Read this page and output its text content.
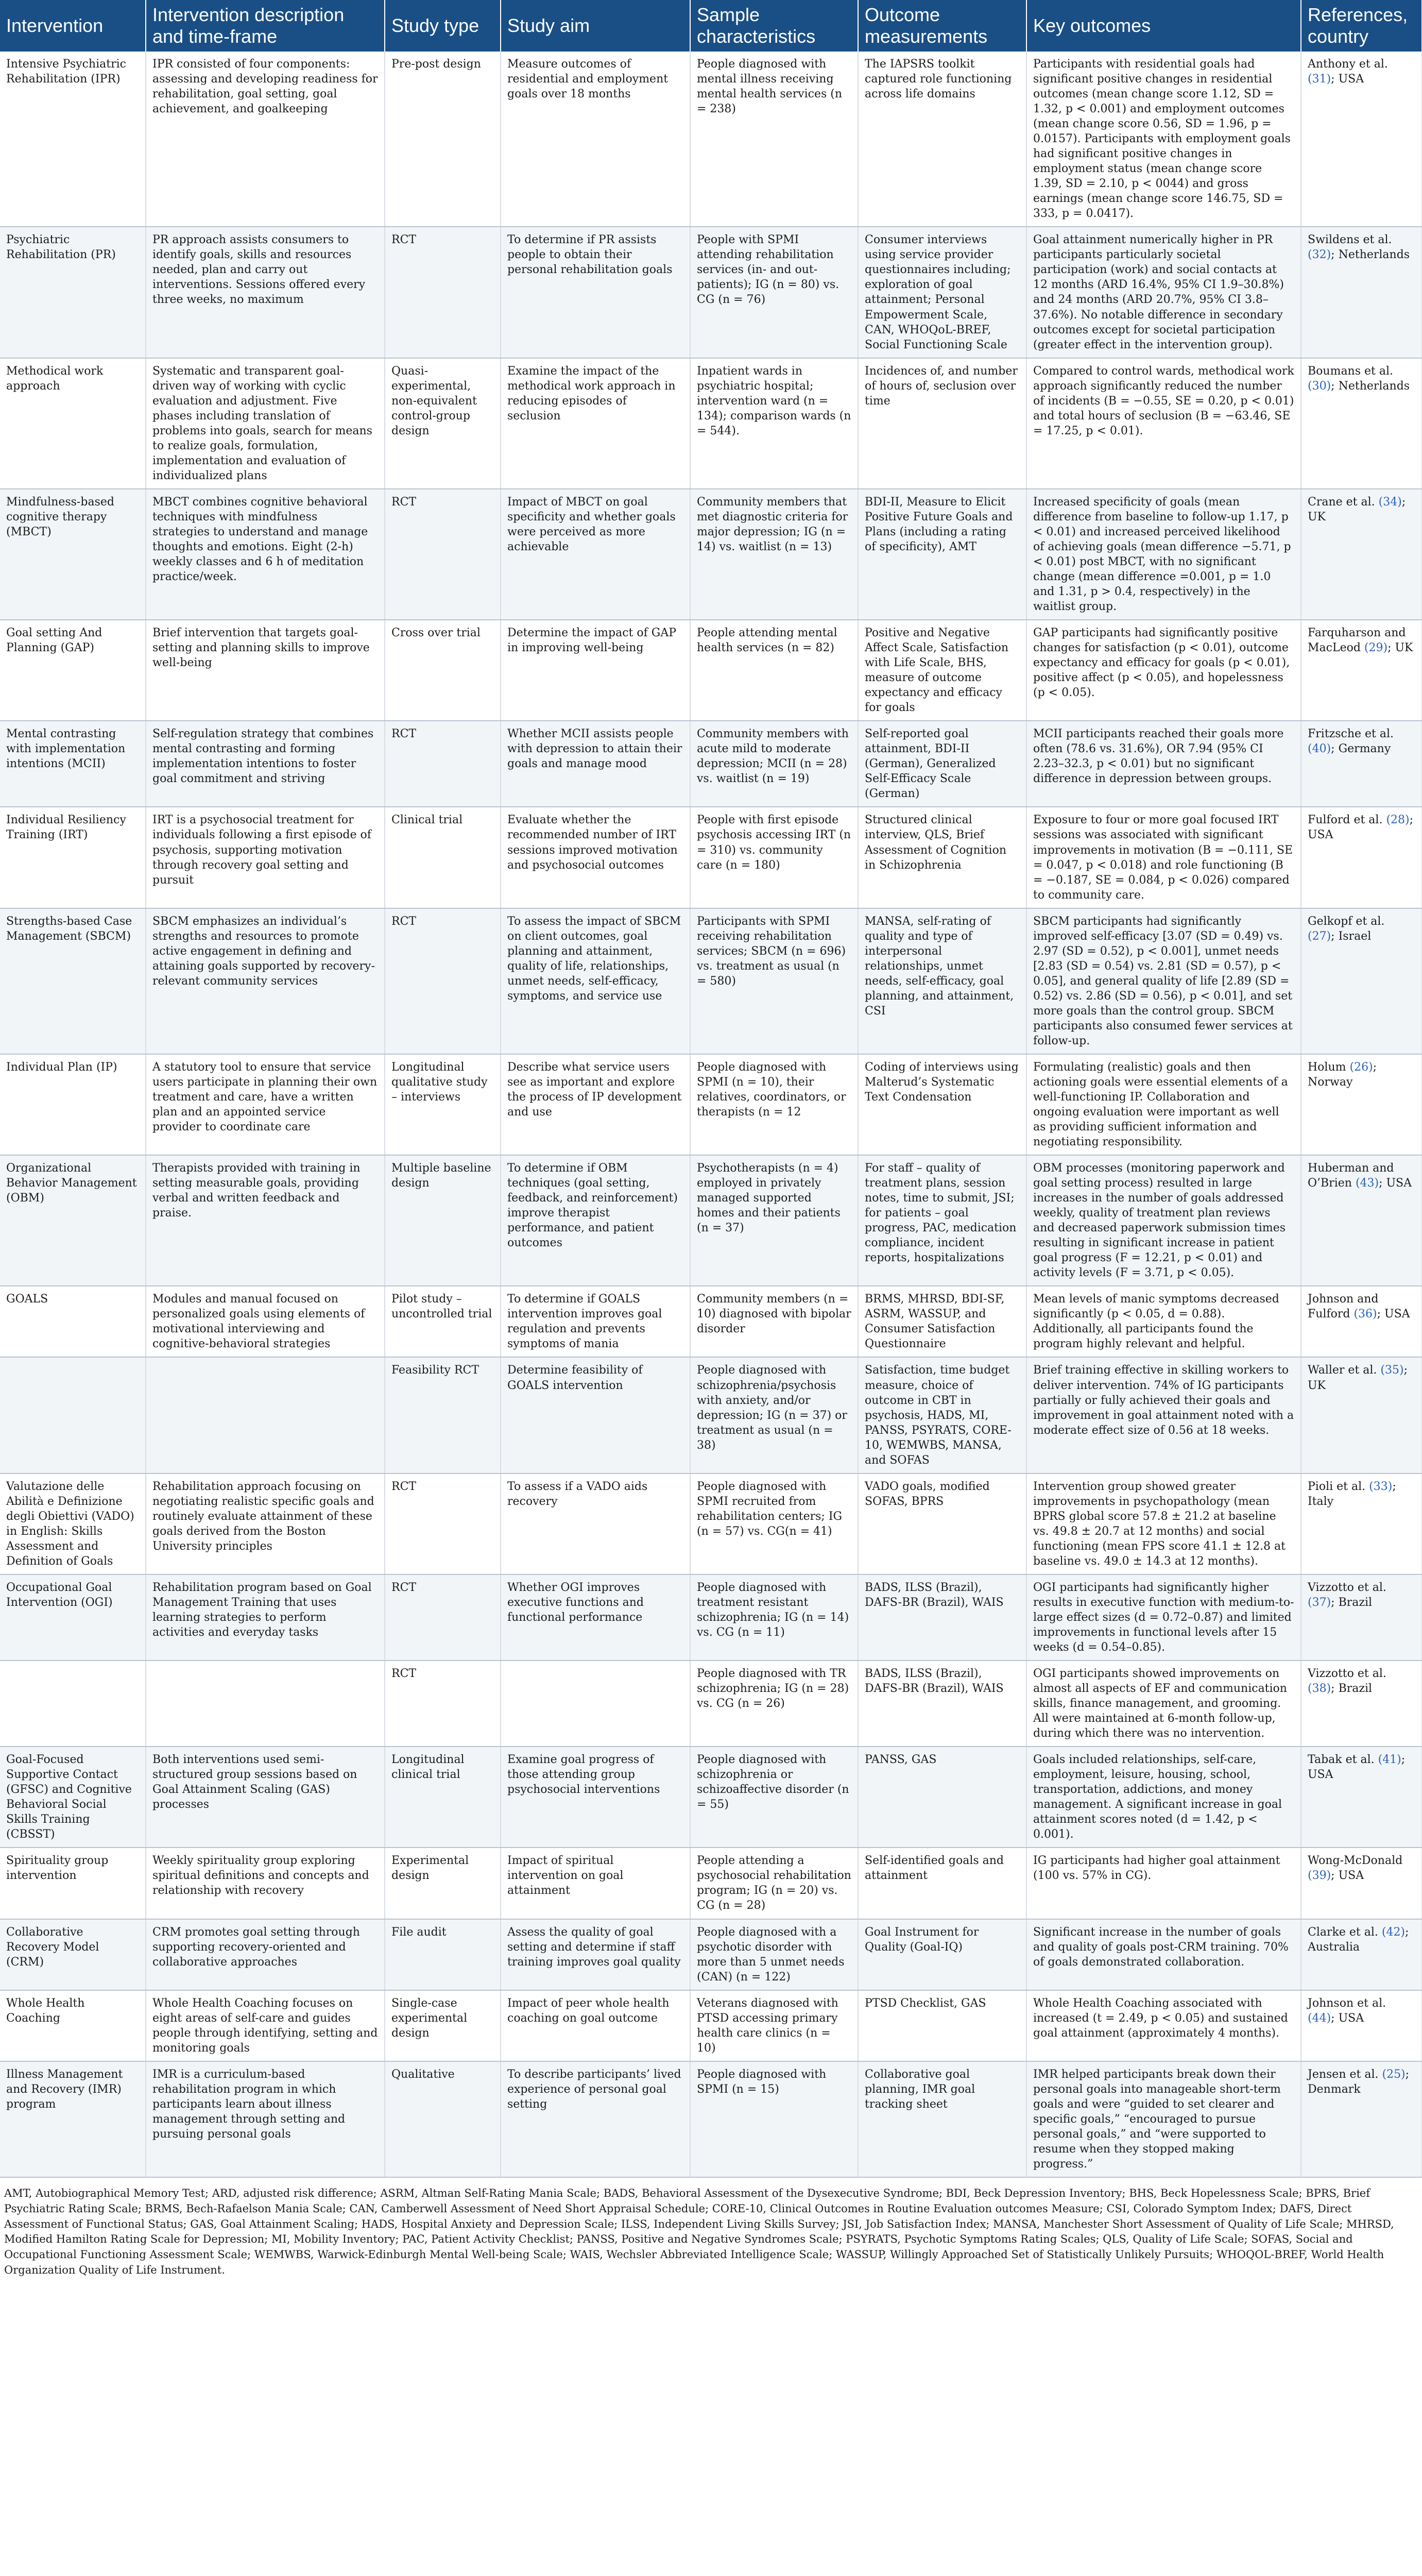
Intervention	Intervention description and time-frame	Study type	Study aim	Sample characteristics	Outcome measurements	Key outcomes	References, country
Intensive Psychiatric Rehabilitation (IPR)	IPR consisted of four components: assessing and developing readiness for rehabilitation, goal setting, goal achievement, and goalkeeping	Pre-post design	Measure outcomes of residential and employment goals over 18 months	People diagnosed with mental illness receiving mental health services (n = 238)	The IAPSRS toolkit captured role functioning across life domains	Participants with residential goals had significant positive changes in residential outcomes (mean change score 1.12, SD = 1.32, p < 0.001) and employment outcomes (mean change score 0.56, SD = 1.96, p = 0.0157). Participants with employment goals had significant positive changes in employment status (mean change score 1.39, SD = 2.10, p < 0044) and gross earnings (mean change score 146.75, SD = 333, p = 0.0417).	Anthony et al. (31); USA
Psychiatric Rehabilitation (PR)	PR approach assists consumers to identify goals, skills and resources needed, plan and carry out interventions. Sessions offered every three weeks, no maximum	RCT	To determine if PR assists people to obtain their personal rehabilitation goals	People with SPMI attending rehabilitation services (in- and out-patients); IG (n = 80) vs. CG (n = 76)	Consumer interviews using service provider questionnaires including; exploration of goal attainment; Personal Empowerment Scale, CAN, WHOQoL-BREF, Social Functioning Scale	Goal attainment numerically higher in PR participants particularly societal participation (work) and social contacts at 12 months (ARD 16.4%, 95% CI 1.9–30.8%) and 24 months (ARD 20.7%, 95% CI 3.8–37.6%). No notable difference in secondary outcomes except for societal participation (greater effect in the intervention group).	Swildens et al. (32); Netherlands
Methodical work approach	Systematic and transparent goal-driven way of working with cyclic evaluation and adjustment. Five phases including translation of problems into goals, search for means to realize goals, formulation, implementation and evaluation of individualized plans	Quasi-experimental, non-equivalent control-group design	Examine the impact of the methodical work approach in reducing episodes of seclusion	Inpatient wards in psychiatric hospital; intervention ward (n = 134); comparison wards (n = 544).	Incidences of, and number of hours of, seclusion over time	Compared to control wards, methodical work approach significantly reduced the number of incidents (B = −0.55, SE = 0.20, p < 0.01) and total hours of seclusion (B = −63.46, SE = 17.25, p < 0.01).	Boumans et al. (30); Netherlands
Mindfulness-based cognitive therapy (MBCT)	MBCT combines cognitive behavioral techniques with mindfulness strategies to understand and manage thoughts and emotions. Eight (2-h) weekly classes and 6 h of meditation practice/week.	RCT	Impact of MBCT on goal specificity and whether goals were perceived as more achievable	Community members that met diagnostic criteria for major depression; IG (n = 14) vs. waitlist (n = 13)	BDI-II, Measure to Elicit Positive Future Goals and Plans (including a rating of specificity), AMT	Increased specificity of goals (mean difference from baseline to follow-up 1.17, p < 0.01) and increased perceived likelihood of achieving goals (mean difference −5.71, p < 0.01) post MBCT, with no significant change (mean difference =0.001, p = 1.0 and 1.31, p > 0.4, respectively) in the waitlist group.	Crane et al. (34); UK
Goal setting And Planning (GAP)	Brief intervention that targets goal-setting and planning skills to improve well-being	Cross over trial	Determine the impact of GAP in improving well-being	People attending mental health services (n = 82)	Positive and Negative Affect Scale, Satisfaction with Life Scale, BHS, measure of outcome expectancy and efficacy for goals	GAP participants had significantly positive changes for satisfaction (p < 0.01), outcome expectancy and efficacy for goals (p < 0.01), positive affect (p < 0.05), and hopelessness (p < 0.05).	Farquharson and MacLeod (29); UK
Mental contrasting with implementation intentions (MCII)	Self-regulation strategy that combines mental contrasting and forming implementation intentions to foster goal commitment and striving	RCT	Whether MCII assists people with depression to attain their goals and manage mood	Community members with acute mild to moderate depression; MCII (n = 28) vs. waitlist (n = 19)	Self-reported goal attainment, BDI-II (German), Generalized Self-Efficacy Scale (German)	MCII participants reached their goals more often (78.6 vs. 31.6%), OR 7.94 (95% CI 2.23–32.3, p < 0.01) but no significant difference in depression between groups.	Fritzsche et al. (40); Germany
Individual Resiliency Training (IRT)	IRT is a psychosocial treatment for individuals following a first episode of psychosis, supporting motivation through recovery goal setting and pursuit	Clinical trial	Evaluate whether the recommended number of IRT sessions improved motivation and psychosocial outcomes	People with first episode psychosis accessing IRT (n = 310) vs. community care (n = 180)	Structured clinical interview, QLS, Brief Assessment of Cognition in Schizophrenia	Exposure to four or more goal focused IRT sessions was associated with significant improvements in motivation (B = −0.111, SE = 0.047, p < 0.018) and role functioning (B = −0.187, SE = 0.084, p < 0.026) compared to community care.	Fulford et al. (28); USA
Strengths-based Case Management (SBCM)	SBCM emphasizes an individual’s strengths and resources to promote active engagement in defining and attaining goals supported by recovery-relevant community services	RCT	To assess the impact of SBCM on client outcomes, goal planning and attainment, quality of life, relationships, unmet needs, self-efficacy, symptoms, and service use	Participants with SPMI receiving rehabilitation services; SBCM (n = 696) vs. treatment as usual (n = 580)	MANSA, self-rating of quality and type of interpersonal relationships, unmet needs, self-efficacy, goal planning, and attainment, CSI	SBCM participants had significantly improved self-efficacy [3.07 (SD = 0.49) vs. 2.97 (SD = 0.52), p < 0.001], unmet needs [2.83 (SD = 0.54) vs. 2.81 (SD = 0.57), p < 0.05], and general quality of life [2.89 (SD = 0.52) vs. 2.86 (SD = 0.56), p < 0.01], and set more goals than the control group. SBCM participants also consumed fewer services at follow-up.	Gelkopf et al. (27); Israel
Individual Plan (IP)	A statutory tool to ensure that service users participate in planning their own treatment and care, have a written plan and an appointed service provider to coordinate care	Longitudinal qualitative study – interviews	Describe what service users see as important and explore the process of IP development and use	People diagnosed with SPMI (n = 10), their relatives, coordinators, or therapists (n = 12	Coding of interviews using Malterud’s Systematic Text Condensation	Formulating (realistic) goals and then actioning goals were essential elements of a well-functioning IP. Collaboration and ongoing evaluation were important as well as providing sufficient information and negotiating responsibility.	Holum (26); Norway
Organizational Behavior Management (OBM)	Therapists provided with training in setting measurable goals, providing verbal and written feedback and praise.	Multiple baseline design	To determine if OBM techniques (goal setting, feedback, and reinforcement) improve therapist performance, and patient outcomes	Psychotherapists (n = 4) employed in privately managed supported homes and their patients (n = 37)	For staff – quality of treatment plans, session notes, time to submit, JSI; for patients – goal progress, PAC, medication compliance, incident reports, hospitalizations	OBM processes (monitoring paperwork and goal setting process) resulted in large increases in the number of goals addressed weekly, quality of treatment plan reviews and decreased paperwork submission times resulting in significant increase in patient goal progress (F = 12.21, p < 0.01) and activity levels (F = 3.71, p < 0.05).	Huberman and O’Brien (43); USA
GOALS	Modules and manual focused on personalized goals using elements of motivational interviewing and cognitive-behavioral strategies	Pilot study – uncontrolled trial	To determine if GOALS intervention improves goal regulation and prevents symptoms of mania	Community members (n = 10) diagnosed with bipolar disorder	BRMS, MHRSD, BDI-SF, ASRM, WASSUP, and Consumer Satisfaction Questionnaire	Mean levels of manic symptoms decreased significantly (p < 0.05, d = 0.88). Additionally, all participants found the program highly relevant and helpful.	Johnson and Fulford (36); USA
		Feasibility RCT	Determine feasibility of GOALS intervention	People diagnosed with schizophrenia/psychosis with anxiety, and/or depression; IG (n = 37) or treatment as usual (n = 38)	Satisfaction, time budget measure, choice of outcome in CBT in psychosis, HADS, MI, PANSS, PSYRATS, CORE-10, WEMWBS, MANSA, and SOFAS	Brief training effective in skilling workers to deliver intervention. 74% of IG participants partially or fully achieved their goals and improvement in goal attainment noted with a moderate effect size of 0.56 at 18 weeks.	Waller et al. (35); UK
Valutazione delle Abilità e Definizione degli Obiettivi (VADO) in English: Skills Assessment and Definition of Goals	Rehabilitation approach focusing on negotiating realistic specific goals and routinely evaluate attainment of these goals derived from the Boston University principles	RCT	To assess if a VADO aids recovery	People diagnosed with SPMI recruited from rehabilitation centers; IG (n = 57) vs. CG(n = 41)	VADO goals, modified SOFAS, BPRS	Intervention group showed greater improvements in psychopathology (mean BPRS global score 57.8 ± 21.2 at baseline vs. 49.8 ± 20.7 at 12 months) and social functioning (mean FPS score 41.1 ± 12.8 at baseline vs. 49.0 ± 14.3 at 12 months).	Pioli et al. (33); Italy
Occupational Goal Intervention (OGI)	Rehabilitation program based on Goal Management Training that uses learning strategies to perform activities and everyday tasks	RCT	Whether OGI improves executive functions and functional performance	People diagnosed with treatment resistant schizophrenia; IG (n = 14) vs. CG (n = 11)	BADS, ILSS (Brazil), DAFS-BR (Brazil), WAIS	OGI participants had significantly higher results in executive function with medium-to-large effect sizes (d = 0.72–0.87) and limited improvements in functional levels after 15 weeks (d = 0.54–0.85).	Vizzotto et al. (37); Brazil
		RCT		People diagnosed with TR schizophrenia; IG (n = 28) vs. CG (n = 26)	BADS, ILSS (Brazil), DAFS-BR (Brazil), WAIS	OGI participants showed improvements on almost all aspects of EF and communication skills, finance management, and grooming. All were maintained at 6-month follow-up, during which there was no intervention.	Vizzotto et al. (38); Brazil
Goal-Focused Supportive Contact (GFSC) and Cognitive Behavioral Social Skills Training (CBSST)	Both interventions used semi-structured group sessions based on Goal Attainment Scaling (GAS) processes	Longitudinal clinical trial	Examine goal progress of those attending group psychosocial interventions	People diagnosed with schizophrenia or schizoaffective disorder (n = 55)	PANSS, GAS	Goals included relationships, self-care, employment, leisure, housing, school, transportation, addictions, and money management. A significant increase in goal attainment scores noted (d = 1.42, p < 0.001).	Tabak et al. (41); USA
Spirituality group intervention	Weekly spirituality group exploring spiritual definitions and concepts and relationship with recovery	Experimental design	Impact of spiritual intervention on goal attainment	People attending a psychosocial rehabilitation program; IG (n = 20) vs. CG (n = 28)	Self-identified goals and attainment	IG participants had higher goal attainment (100 vs. 57% in CG).	Wong-McDonald (39); USA
Collaborative Recovery Model (CRM)	CRM promotes goal setting through supporting recovery-oriented and collaborative approaches	File audit	Assess the quality of goal setting and determine if staff training improves goal quality	People diagnosed with a psychotic disorder with more than 5 unmet needs (CAN) (n = 122)	Goal Instrument for Quality (Goal-IQ)	Significant increase in the number of goals and quality of goals post-CRM training. 70% of goals demonstrated collaboration.	Clarke et al. (42); Australia
Whole Health Coaching	Whole Health Coaching focuses on eight areas of self-care and guides people through identifying, setting and monitoring goals	Single-case experimental design	Impact of peer whole health coaching on goal outcome	Veterans diagnosed with PTSD accessing primary health care clinics (n = 10)	PTSD Checklist, GAS	Whole Health Coaching associated with increased (t = 2.49, p < 0.05) and sustained goal attainment (approximately 4 months).	Johnson et al. (44); USA
Illness Management and Recovery (IMR) program	IMR is a curriculum-based rehabilitation program in which participants learn about illness management through setting and pursuing personal goals	Qualitative	To describe participants’ lived experience of personal goal setting	People diagnosed with SPMI (n = 15)	Collaborative goal planning, IMR goal tracking sheet	IMR helped participants break down their personal goals into manageable short-term goals and were “guided to set clearer and specific goals,” “encouraged to pursue personal goals,” and “were supported to resume when they stopped making progress.”	Jensen et al. (25); Denmark
AMT, Autobiographical Memory Test; ARD, adjusted risk difference; ASRM, Altman Self-Rating Mania Scale; BADS, Behavioral Assessment of the Dysexecutive Syndrome; BDI, Beck Depression Inventory; BHS, Beck Hopelessness Scale; BPRS, Brief Psychiatric Rating Scale; BRMS, Bech-Rafaelson Mania Scale; CAN, Camberwell Assessment of Need Short Appraisal Schedule; CORE-10, Clinical Outcomes in Routine Evaluation outcomes Measure; CSI, Colorado Symptom Index; DAFS, Direct Assessment of Functional Status; GAS, Goal Attainment Scaling; HADS, Hospital Anxiety and Depression Scale; ILSS, Independent Living Skills Survey; JSI, Job Satisfaction Index; MANSA, Manchester Short Assessment of Quality of Life Scale; MHRSD, Modified Hamilton Rating Scale for Depression; MI, Mobility Inventory; PAC, Patient Activity Checklist; PANSS, Positive and Negative Syndromes Scale; PSYRATS, Psychotic Symptoms Rating Scales; QLS, Quality of Life Scale; SOFAS, Social and Occupational Functioning Assessment Scale; WEMWBS, Warwick-Edinburgh Mental Well-being Scale; WAIS, Wechsler Abbreviated Intelligence Scale; WASSUP, Willingly Approached Set of Statistically Unlikely Pursuits; WHOQOL-BREF, World Health Organization Quality of Life Instrument.
